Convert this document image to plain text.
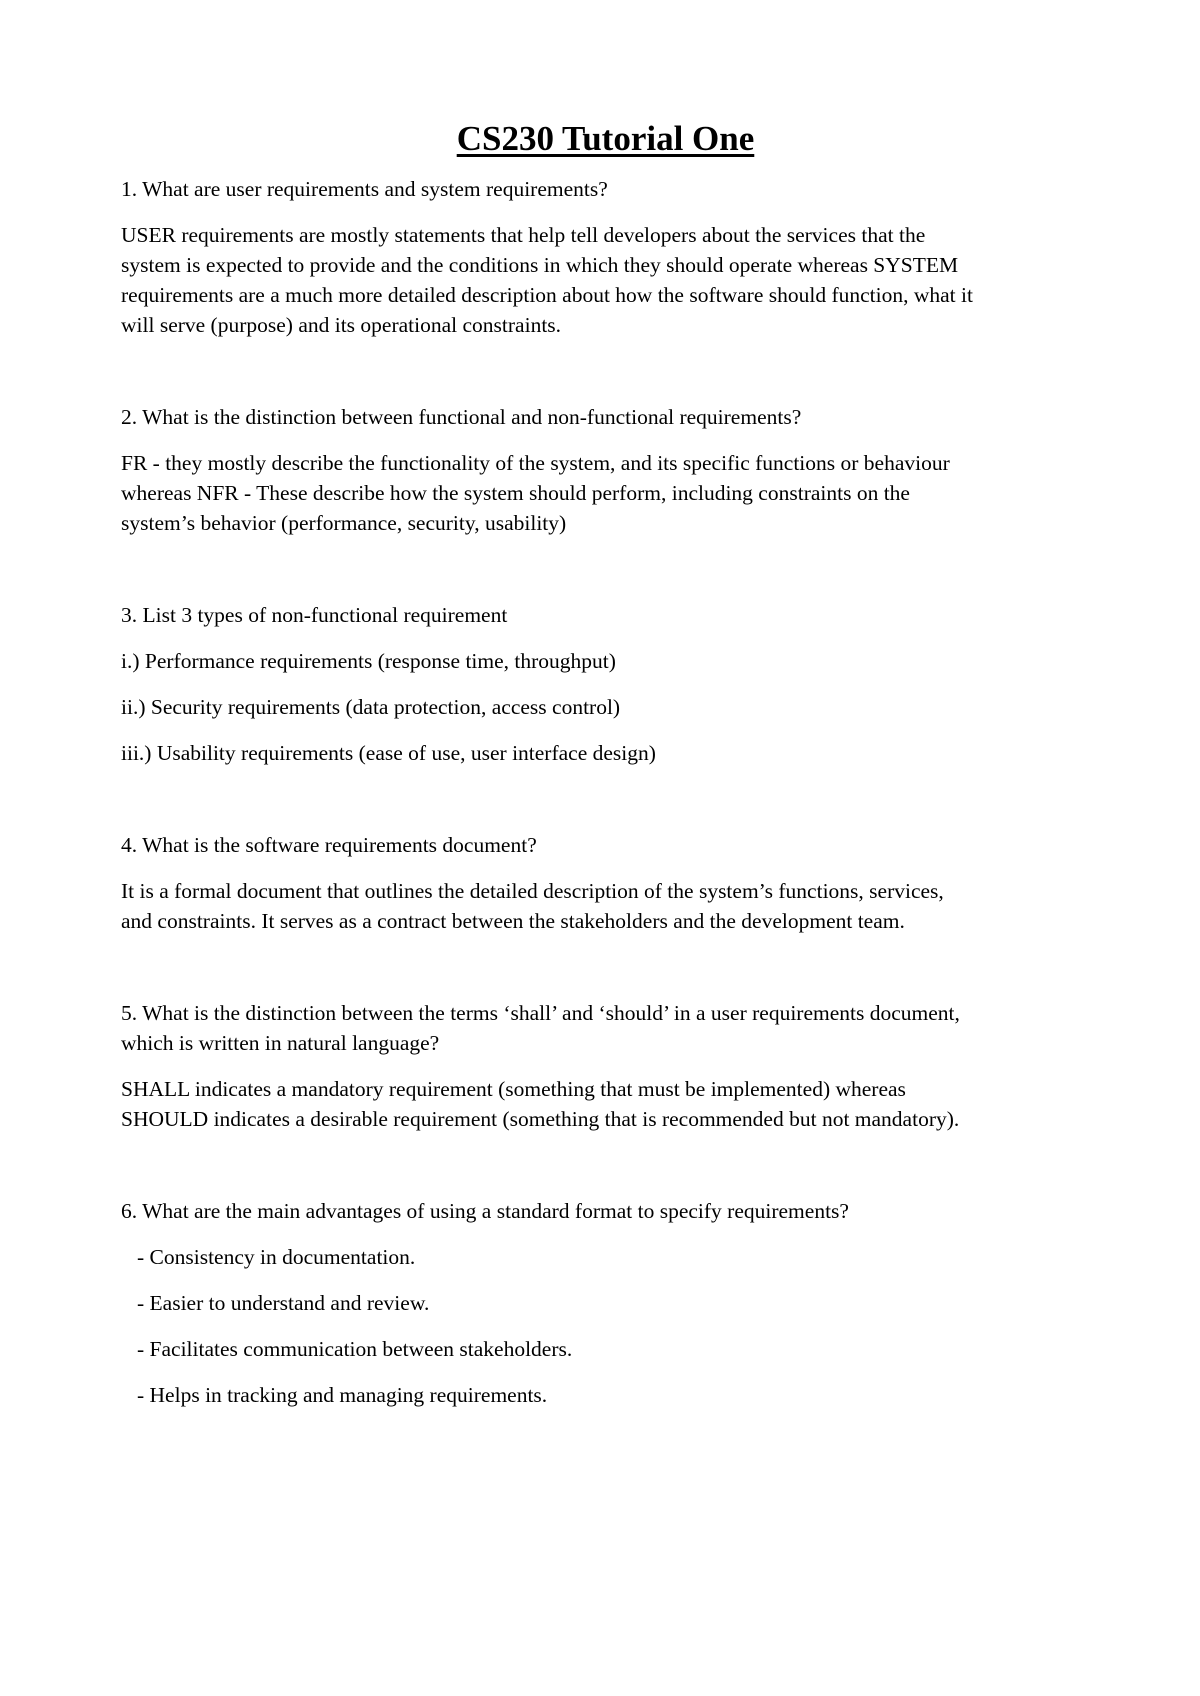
CS230 Tutorial One

1. What are user requirements and system requirements?

USER requirements are mostly statements that help tell developers about the services that the
system is expected to provide and the conditions in which they should operate whereas SYSTEM
requirements are a much more detailed description about how the software should function, what it
will serve (purpose) and its operational constraints.

2. What is the distinction between functional and non-functional requirements?

FR - they mostly describe the functionality of the system, and its specific functions or behaviour
whereas NFR - These describe how the system should perform, including constraints on the
system’s behavior (performance, security, usability)

3. List 3 types of non-functional requirement

i.) Performance requirements (response time, throughput)

ii.) Security requirements (data protection, access control)

iii.) Usability requirements (ease of use, user interface design)

4. What is the software requirements document?

It is a formal document that outlines the detailed description of the system’s functions, services,
and constraints. It serves as a contract between the stakeholders and the development team.

5. What is the distinction between the terms ‘shall’ and ‘should’ in a user requirements document,
which is written in natural language?

SHALL indicates a mandatory requirement (something that must be implemented) whereas
SHOULD indicates a desirable requirement (something that is recommended but not mandatory).

6. What are the main advantages of using a standard format to specify requirements?

- Consistency in documentation.

- Easier to understand and review.

- Facilitates communication between stakeholders.

- Helps in tracking and managing requirements.
